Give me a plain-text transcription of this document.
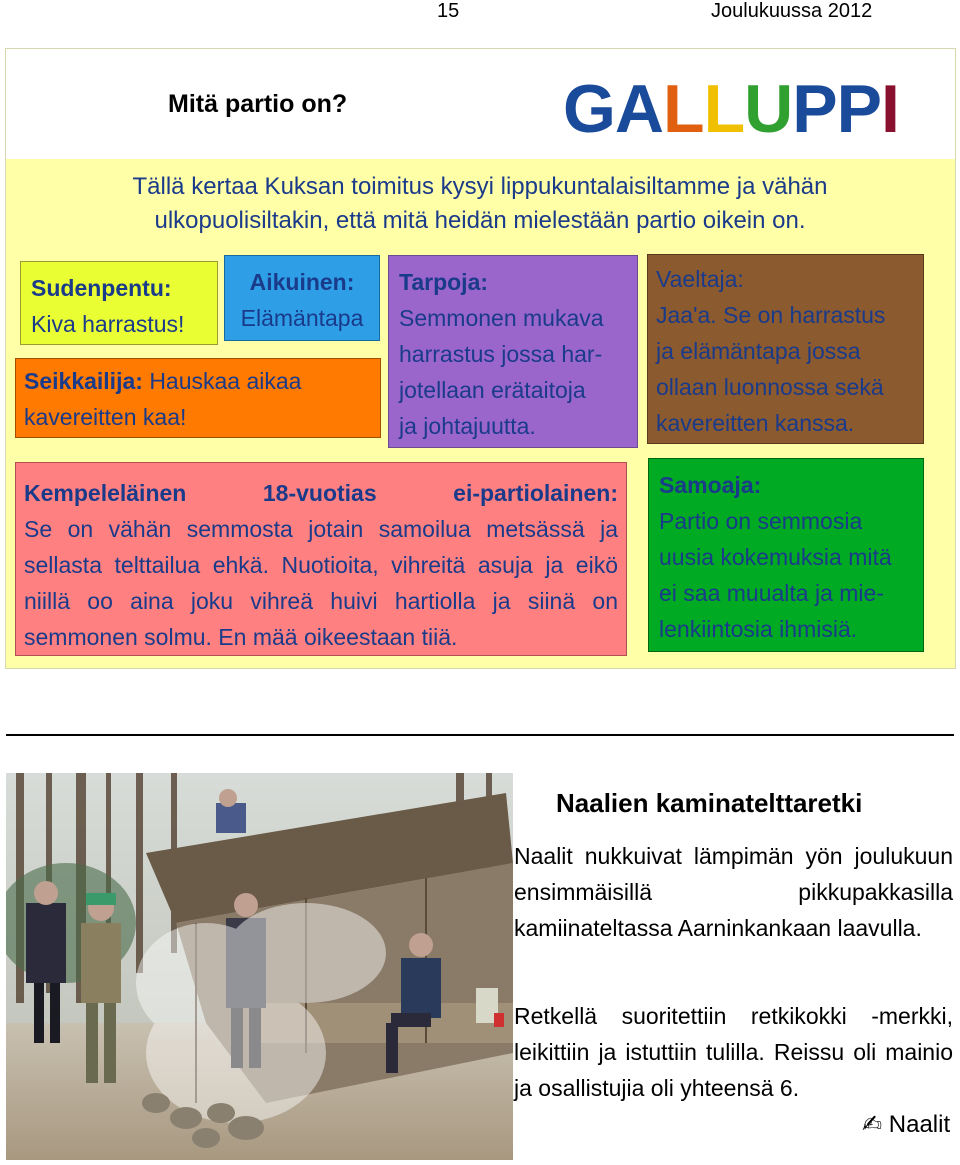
15	Joulukuussa 2012
Mitä partio on?	GALLUPPI
Tällä kertaa Kuksan toimitus kysyi lippukuntalaisiltamme ja vähän
ulkopuolisiltakin, että mitä heidän mielestään partio oikein on.
Sudenpentu:
Kiva harrastus!
Seikkailija: Hauskaa aikaa
kavereitten kaa!
Aikuinen:
Elämäntapa
Tarpoja:
Semmonen mukava
harrastus jossa har-
jotellaan erätaitoja
ja johtajuutta.
Vaeltaja:
Jaa'a. Se on harrastus
ja elämäntapa jossa
ollaan luonnossa sekä
kavereitten kanssa.
Kempeleläinen 18-vuotias ei-partiolainen:
Se on vähän semmosta jotain samoilua metsässä ja sellasta telttailua ehkä. Nuotioita, vihreitä asuja ja eikö niillä oo aina joku vihreä huivi hartiolla ja siinä on semmonen solmu. En mää oikeestaan tiiä.
Samoaja:
Partio on semmosia
uusia kokemuksia mitä
ei saa muualta ja mie-
lenkiintosia ihmisiä.
Naalien kaminatelttaretki
Naalit nukkuivat lämpimän yön joulukuun ensimmäisillä pikkupakkasilla kamiinateltassa Aarninkankaan laavulla.
Retkellä suoritettiin retkikokki -merkki, leikittiin ja istuttiin tulilla. Reissu oli mainio ja osallistujia oli yhteensä 6.
✍ Naalit
